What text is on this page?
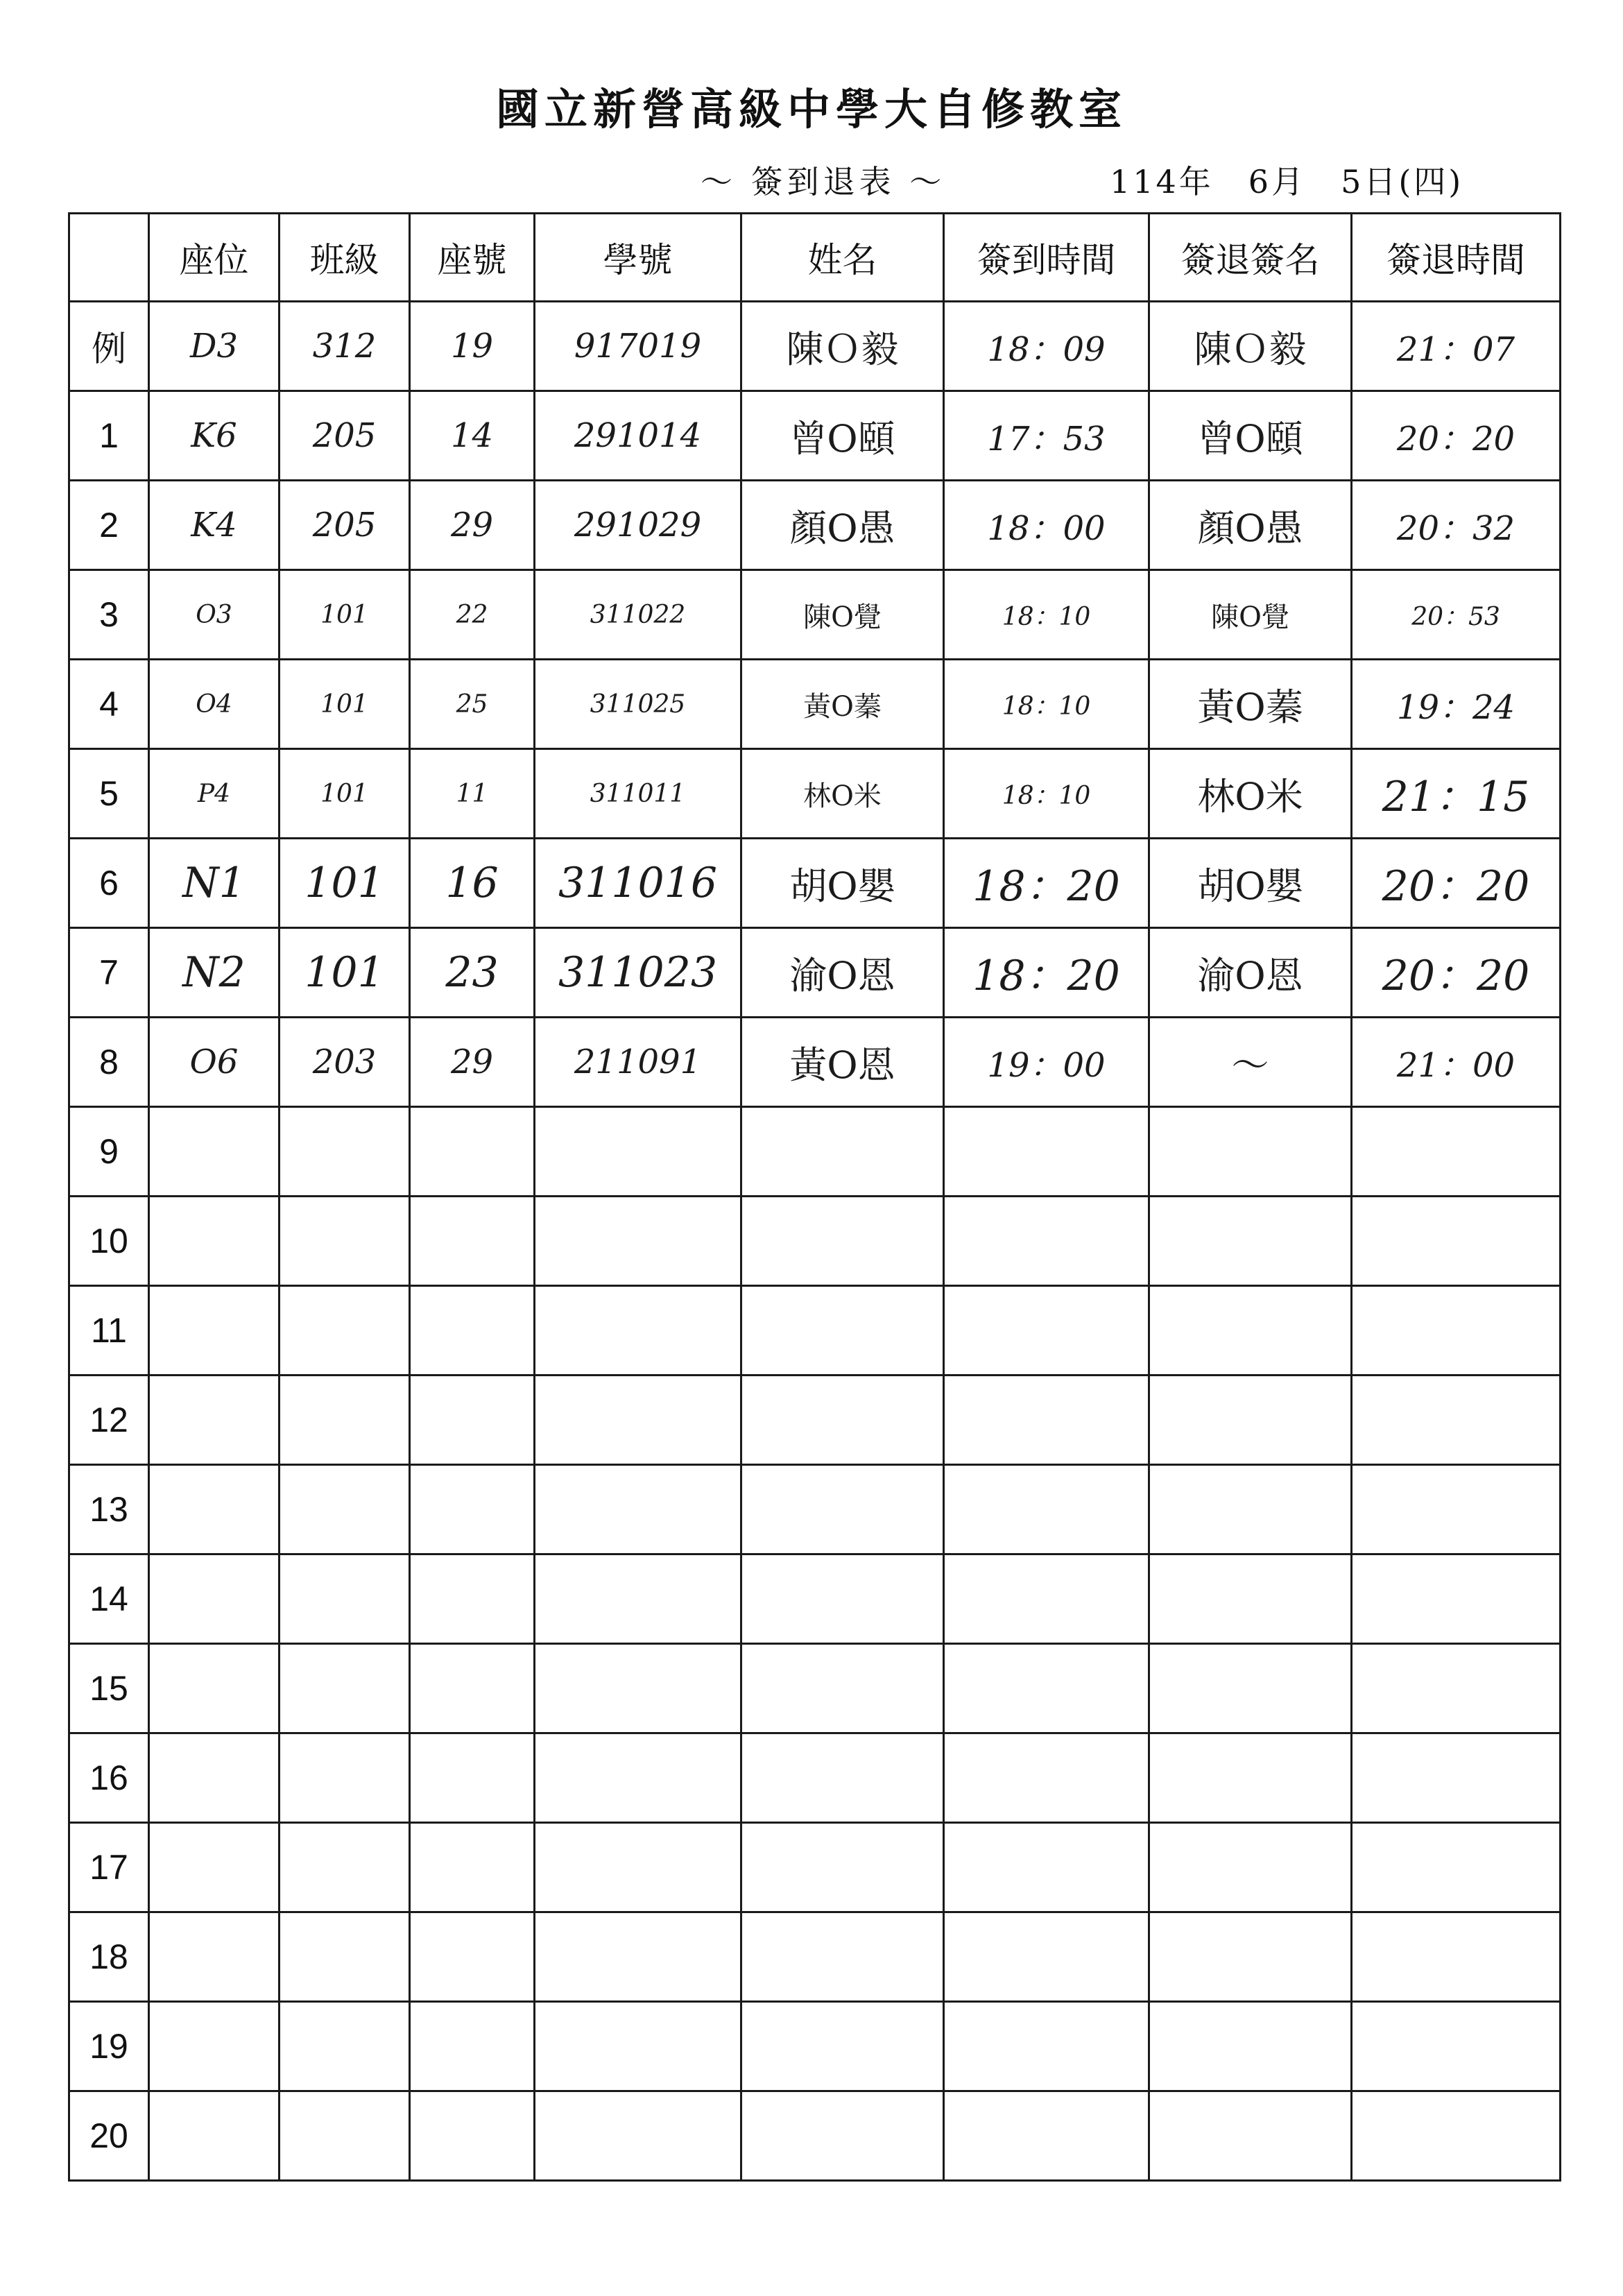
國立新營高級中學大自修教室
～ 簽到退表 ～	114年　6月　5日(四)
	座位	班級	座號	學號	姓名	簽到時間	簽退簽名	簽退時間
例	D3	312	19	917019	陳Ｏ毅	18：09	陳Ｏ毅	21：07
1	K6	205	14	291014	曾O頤	17：53	曾O頤	20：20
2	K4	205	29	291029	顏O愚	18：00	顏O愚	20：32
3	O3	101	22	311022	陳O覺	18：10	陳O覺	20：53
4	O4	101	25	311025	黃O蓁	18：10	黃O蓁	19：24
5	P4	101	11	311011	林O米	18：10	林O米	21：15
6	N1	101	16	311016	胡O嬰	18：20	胡O嬰	20：20
7	N2	101	23	311023	渝O恩	18：20	渝O恩	20：20
8	O6	203	29	211091	黃O恩	19：00	～	21：00
9								
10								
11								
12								
13								
14								
15								
16								
17								
18								
19								
20								
